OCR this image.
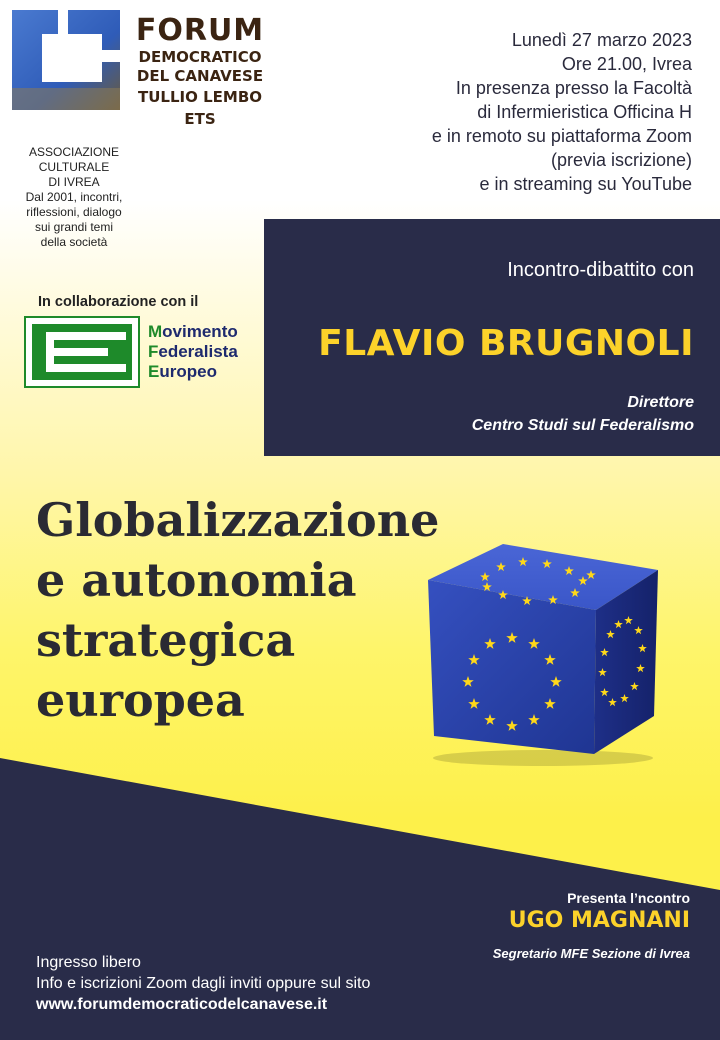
FORUM
DEMOCRATICO
DEL CANAVESE
TULLIO LEMBO ETS
ASSOCIAZIONE
CULTURALE
DI IVREA
Dal 2001, incontri,
riflessioni, dialogo
sui grandi temi
della società
Lunedì 27 marzo 2023
Ore 21.00, Ivrea
In presenza presso la Facoltà
di Infermieristica Officina H
e in remoto su piattaforma Zoom
(previa iscrizione)
e in streaming su YouTube
In collaborazione con il
Movimento
Federalista
Europeo
Incontro-dibattito con
FLAVIO BRUGNOLI
Direttore
Centro Studi sul Federalismo
Globalizzazione
e autonomia
strategica
europea
Presenta l’ncontro
UGO MAGNANI
Segretario MFE Sezione di Ivrea
Ingresso libero
Info e iscrizioni Zoom dagli inviti oppure sul sito
www.forumdemocraticodelcanavese.it
